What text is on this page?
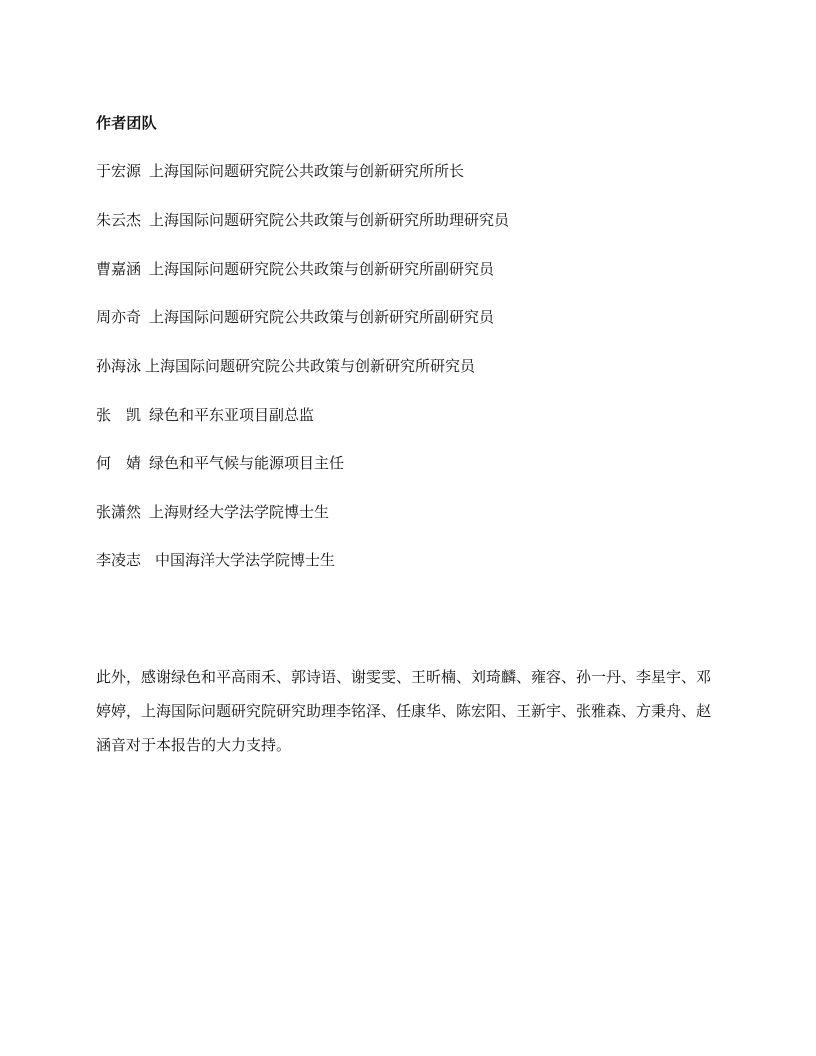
作者团队
于宏源 上海国际问题研究院公共政策与创新研究所所长
朱云杰 上海国际问题研究院公共政策与创新研究所助理研究员
曹嘉涵 上海国际问题研究院公共政策与创新研究所副研究员
周亦奇 上海国际问题研究院公共政策与创新研究所副研究员
孙海泳 上海国际问题研究院公共政策与创新研究所研究员
张　凯 绿色和平东亚项目副总监
何　婧 绿色和平气候与能源项目主任
张潇然 上海财经大学法学院博士生
李凌志 中国海洋大学法学院博士生

此外，感谢绿色和平高雨禾、郭诗语、谢雯雯、王昕楠、刘琦麟、雍容、孙一丹、李星宇、邓婷婷，上海国际问题研究院研究助理李铭泽、任康华、陈宏阳、王新宇、张雅森、方秉舟、赵涵音对于本报告的大力支持。
